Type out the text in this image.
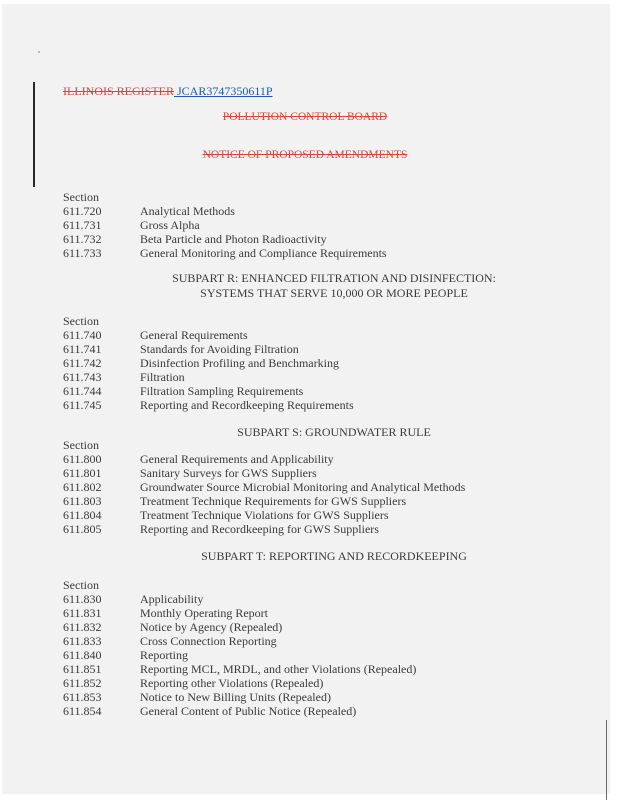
ILLINOIS REGISTER JCAR3747350611P
POLLUTION CONTROL BOARD
NOTICE OF PROPOSED AMENDMENTS
Section
611.720	Analytical Methods
611.731	Gross Alpha
611.732	Beta Particle and Photon Radioactivity
611.733	General Monitoring and Compliance Requirements
SUBPART R: ENHANCED FILTRATION AND DISINFECTION:
SYSTEMS THAT SERVE 10,000 OR MORE PEOPLE
Section
611.740	General Requirements
611.741	Standards for Avoiding Filtration
611.742	Disinfection Profiling and Benchmarking
611.743	Filtration
611.744	Filtration Sampling Requirements
611.745	Reporting and Recordkeeping Requirements
SUBPART S: GROUNDWATER RULE
Section
611.800	General Requirements and Applicability
611.801	Sanitary Surveys for GWS Suppliers
611.802	Groundwater Source Microbial Monitoring and Analytical Methods
611.803	Treatment Technique Requirements for GWS Suppliers
611.804	Treatment Technique Violations for GWS Suppliers
611.805	Reporting and Recordkeeping for GWS Suppliers
SUBPART T: REPORTING AND RECORDKEEPING
Section
611.830	Applicability
611.831	Monthly Operating Report
611.832	Notice by Agency (Repealed)
611.833	Cross Connection Reporting
611.840	Reporting
611.851	Reporting MCL, MRDL, and other Violations (Repealed)
611.852	Reporting other Violations (Repealed)
611.853	Notice to New Billing Units (Repealed)
611.854	General Content of Public Notice (Repealed)
